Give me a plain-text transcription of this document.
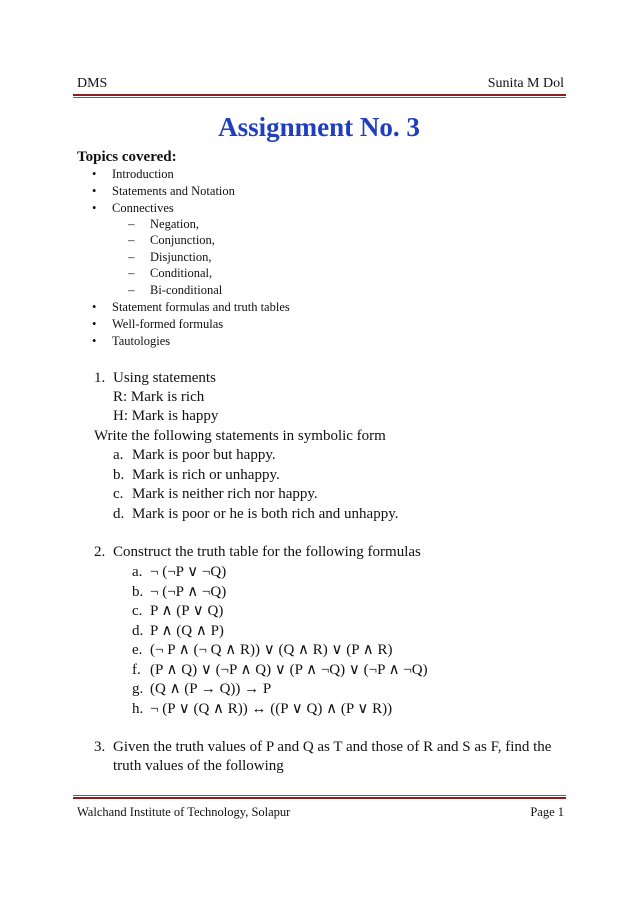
DMS	Sunita M Dol
Assignment No. 3
Topics covered:
• Introduction
• Statements and Notation
• Connectives
– Negation,
– Conjunction,
– Disjunction,
– Conditional,
– Bi-conditional
• Statement formulas and truth tables
• Well-formed formulas
• Tautologies
1. Using statements
R: Mark is rich
H: Mark is happy
Write the following statements in symbolic form
a. Mark is poor but happy.
b. Mark is rich or unhappy.
c. Mark is neither rich nor happy.
d. Mark is poor or he is both rich and unhappy.
2. Construct the truth table for the following formulas
a. ¬ (¬P ∨ ¬Q)
b. ¬ (¬P ∧ ¬Q)
c. P ∧ (P ∨ Q)
d. P ∧ (Q ∧ P)
e. (¬ P ∧ (¬ Q ∧ R)) ∨ (Q ∧ R) ∨ (P ∧ R)
f. (P ∧ Q) ∨ (¬P ∧ Q) ∨ (P ∧ ¬Q) ∨ (¬P ∧ ¬Q)
g. (Q ∧ (P → Q)) → P
h. ¬ (P ∨ (Q ∧ R)) ↔ ((P ∨ Q) ∧ (P ∨ R))
3. Given the truth values of P and Q as T and those of R and S as F, find the
truth values of the following
Walchand Institute of Technology, Solapur	Page 1
